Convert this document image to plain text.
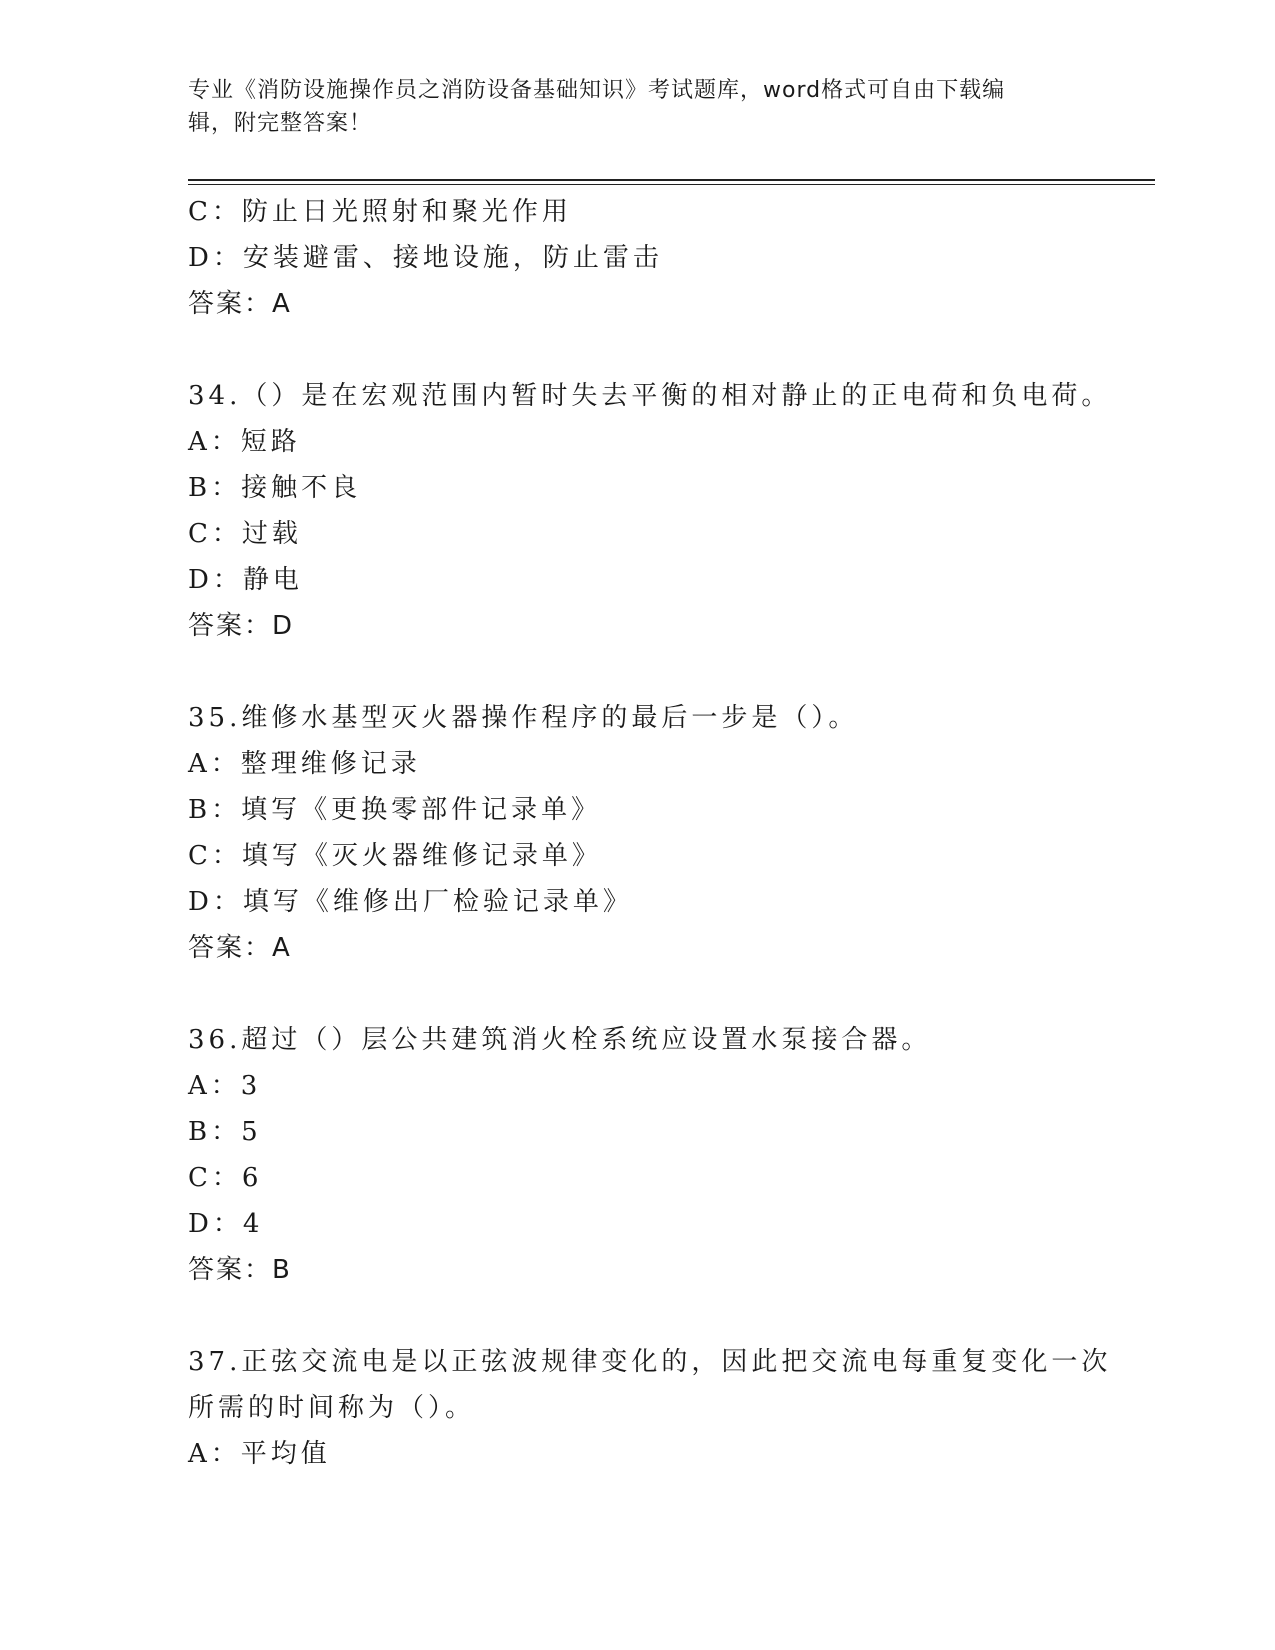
专业《消防设施操作员之消防设备基础知识》考试题库，word格式可自由下载编
辑，附完整答案！
C：防止日光照射和聚光作用
D：安装避雷、接地设施，防止雷击
答案：A
34.（）是在宏观范围内暂时失去平衡的相对静止的正电荷和负电荷。
A：短路
B：接触不良
C：过载
D：静电
答案：D
35.维修水基型灭火器操作程序的最后一步是（）。
A：整理维修记录
B：填写《更换零部件记录单》
C：填写《灭火器维修记录单》
D：填写《维修出厂检验记录单》
答案：A
36.超过（）层公共建筑消火栓系统应设置水泵接合器。
A：3
B：5
C：6
D：4
答案：B
37.正弦交流电是以正弦波规律变化的，因此把交流电每重复变化一次
所需的时间称为（）。
A：平均值
